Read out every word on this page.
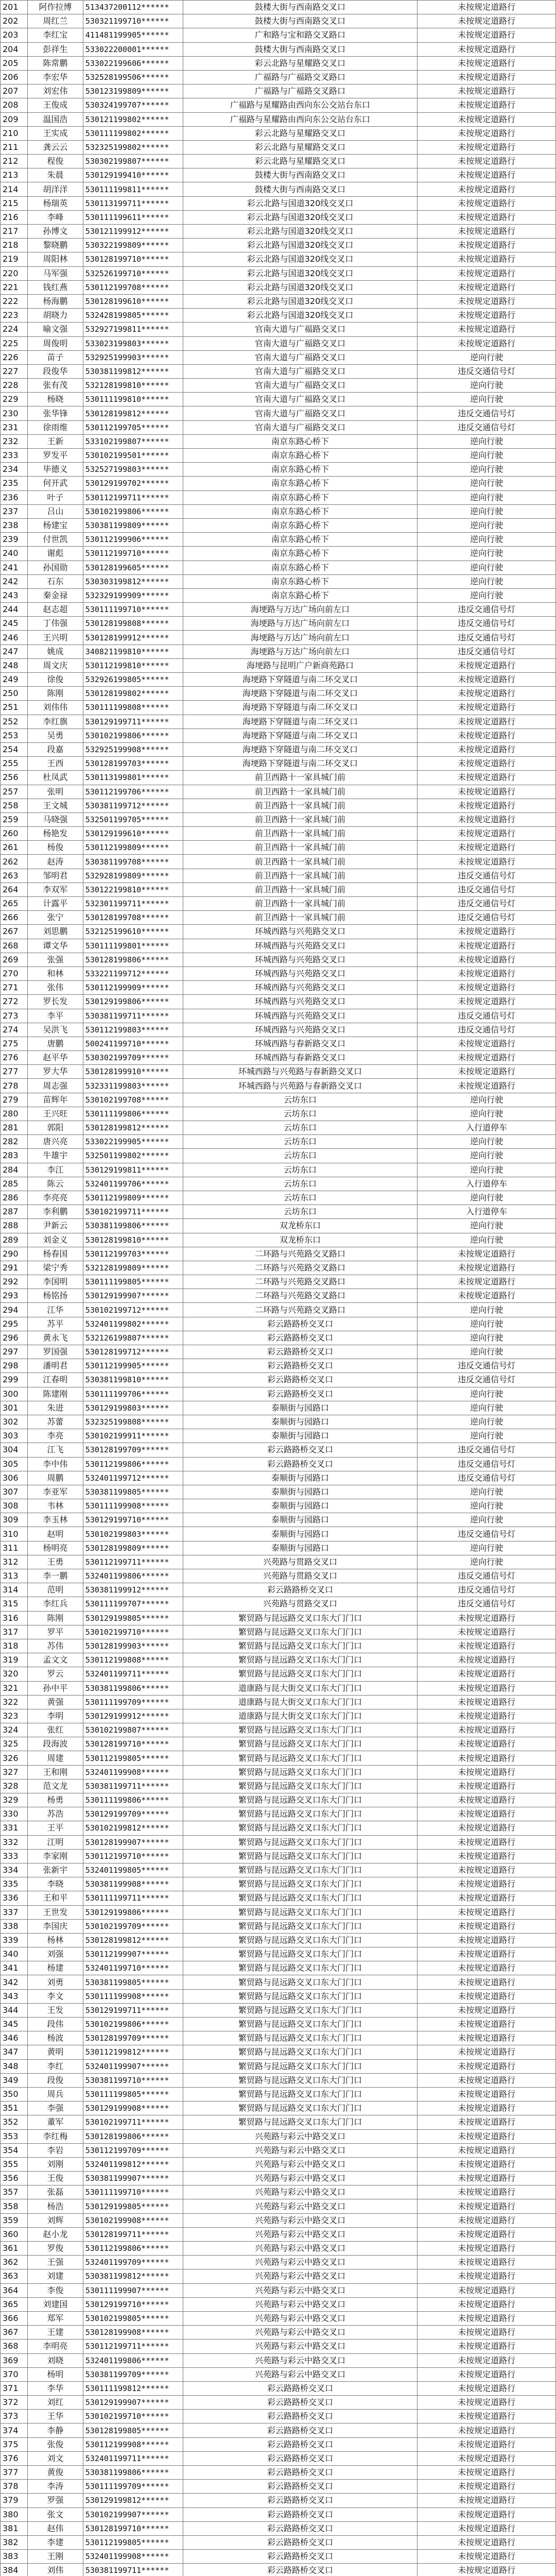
201	阿作拉博	513437200112******	鼓楼大街与西南路交叉口	未按规定道路行
202	周红兰	530321199710******	鼓楼大街与西南路交叉口	未按规定道路行
203	李红宝	411481199905******	广和路与宝和路交叉路口	未按规定道路行
204	彭祥生	533022200001******	鼓楼大街与西南路交叉口	未按规定道路行
205	陈常鹏	533022199606******	彩云北路与星耀路交叉口	未按规定道路行
206	李宏华	532528199506******	广福路与广福路交叉路口	未按规定道路行
207	刘宏伟	530123199809******	广福路与广福路交叉路口	未按规定道路行
208	王俊成	530324199707******	广福路与星耀路由西向东公交站台东口	未按规定道路行
209	温国浩	530121199802******	广福路与星耀路由西向东公交站台东口	未按规定道路行
210	王实成	530111199802******	彩云北路与星耀路交叉口	未按规定道路行
211	龚云云	532325199802******	彩云北路与星耀路交叉口	未按规定道路行
212	程俊	530302199807******	彩云北路与星耀路交叉口	未按规定道路行
213	朱晨	530129199410******	鼓楼大街与西南路交叉口	未按规定道路行
214	胡洋洋	530111199811******	鼓楼大街与西南路交叉口	未按规定道路行
215	杨瑞英	530113199711******	彩云北路与国道320线交叉口	未按规定道路行
216	李峰	530111199611******	彩云北路与国道320线交叉口	未按规定道路行
217	孙博文	530121199912******	彩云北路与国道320线交叉口	未按规定道路行
218	黎晓鹏	530322199809******	彩云北路与国道320线交叉口	未按规定道路行
219	周阳林	530128199710******	彩云北路与国道320线交叉口	未按规定道路行
220	马军强	532526199710******	彩云北路与国道320线交叉口	未按规定道路行
221	钱红燕	530112199708******	彩云北路与国道320线交叉口	未按规定道路行
222	杨海鹏	530128199610******	彩云北路与国道320线交叉口	未按规定道路行
223	胡晓力	532428199805******	彩云北路与国道320线交叉口	未按规定道路行
224	喻文强	532927199811******	官南大道与广福路交叉口	未按规定道路行
225	周俊明	533023199803******	官南大道与广福路交叉口	未按规定道路行
226	苗子	532925199903******	官南大道与广福路交叉口	逆向行驶
227	段俊华	530381199812******	官南大道与广福路交叉口	违反交通信号灯
228	张有茂	532128199810******	官南大道与广福路交叉口	逆向行驶
229	杨晓	530111199810******	官南大道与广福路交叉口	逆向行驶
230	张华锋	530128199812******	官南大道与广福路交叉口	违反交通信号灯
231	徐雨维	530112199705******	官南大道与广福路交叉口	违反交通信号灯
232	王新	533102199807******	南京东路心桥下	逆向行驶
233	罗发平	530102199501******	南京东路心桥下	逆向行驶
234	毕德义	532527199803******	南京东路心桥下	逆向行驶
235	何开武	530129199702******	南京东路心桥下	逆向行驶
236	叶子	530112199711******	南京东路心桥下	逆向行驶
237	吕山	530102199806******	南京东路心桥下	逆向行驶
238	杨建宝	530381199809******	南京东路心桥下	逆向行驶
239	付世凯	530112199906******	南京东路心桥下	逆向行驶
240	谢彪	530112199710******	南京东路心桥下	逆向行驶
241	孙国勋	530128199605******	南京东路心桥下	逆向行驶
242	石东	530303199812******	南京东路心桥下	逆向行驶
243	秦金禄	532329199909******	南京东路心桥下	逆向行驶
244	赵志超	530111199710******	海埂路与万达广场向前左口	违反交通信号灯
245	丁伟强	530128199808******	海埂路与万达广场向前左口	违反交通信号灯
246	王兴明	530128199912******	海埂路与万达广场向前左口	违反交通信号灯
247	姚成	340821199810******	海埂路与万达广场向前左口	违反交通信号灯
248	周文庆	530112199810******	海埂路与昆明广户新商苑路口	未按规定道路行
249	徐俊	532926199805******	海埂路下穿隧道与南二环交叉口	未按规定道路行
250	陈刚	530128199802******	海埂路下穿隧道与南二环交叉口	未按规定道路行
251	刘伟伟	530111199808******	海埂路下穿隧道与南二环交叉口	未按规定道路行
252	李红旗	530129199711******	海埂路下穿隧道与南二环交叉口	未按规定道路行
253	吴勇	530102199806******	海埂路下穿隧道与南二环交叉口	未按规定道路行
254	段嘉	532925199908******	海埂路下穿隧道与南二环交叉口	未按规定道路行
255	王西	530128199703******	海埂路下穿隧道与南二环交叉口	未按规定道路行
256	杜凤武	530113199801******	前卫西路十一家具城门前	未按规定道路行
257	张明	530112199706******	前卫西路十一家具城门前	未按规定道路行
258	王文城	530381199712******	前卫西路十一家具城门前	未按规定道路行
259	马晓强	532501199705******	前卫西路十一家具城门前	未按规定道路行
260	杨艳发	530129199610******	前卫西路十一家具城门前	未按规定道路行
261	杨俊	530112199809******	前卫西路十一家具城门前	未按规定道路行
262	赵涛	530381199708******	前卫西路十一家具城门前	未按规定道路行
263	邹明君	532928199809******	前卫西路十一家具城门前	违反交通信号灯
264	李双军	530122199810******	前卫西路十一家具城门前	违反交通信号灯
265	计露平	532301199711******	前卫西路十一家具城门前	违反交通信号灯
266	张宁	530128199708******	前卫西路十一家具城门前	违反交通信号灯
267	刘思鹏	532125199610******	环城西路与兴苑路交叉口	未按规定道路行
268	谭文华	530111199801******	环城西路与兴苑路交叉口	未按规定道路行
269	张强	530128199806******	环城西路与兴苑路交叉口	未按规定道路行
270	和林	533221199712******	环城西路与兴苑路交叉口	未按规定道路行
271	张伟	530112199909******	环城西路与兴苑路交叉口	未按规定道路行
272	罗长发	530129199806******	环城西路与兴苑路交叉口	未按规定道路行
273	李平	530381199711******	环城西路与兴苑路交叉口	违反交通信号灯
274	吴洪飞	530112199803******	环城西路与兴苑路交叉口	违反交通信号灯
275	唐鹏	500241199710******	环城西路与春新路交叉口	未按规定道路行
276	赵平华	530302199709******	环城西路与春新路交叉口	未按规定道路行
277	罗大华	530128199910******	环城西路与兴苑路与春新路交叉口	未按规定道路行
278	周志强	532331199803******	环城西路与兴苑路与春新路交叉口	未按规定道路行
279	苗辉年	530102199708******	云坊东口	逆向行驶
280	王兴旺	530111199806******	云坊东口	逆向行驶
281	郭阳	530128199812******	云坊东口	入行道停车
282	唐兴亮	533022199905******	云坊东口	逆向行驶
283	牛雄宇	532501199802******	云坊东口	逆向行驶
284	李江	530129199811******	云坊东口	逆向行驶
285	陈云	532401199706******	云坊东口	入行道停车
286	李亮亮	530112199809******	云坊东口	逆向行驶
287	李利鹏	530102199711******	云坊东口	入行道停车
288	尹新云	530381199806******	双龙桥东口	逆向行驶
289	刘金义	530128199810******	双龙桥东口	逆向行驶
290	杨春国	530112199703******	二环路与兴苑路交叉路口	未按规定道路行
291	梁宁秀	532128199809******	二环路与兴苑路交叉路口	未按规定道路行
292	李国明	530111199805******	二环路与兴苑路交叉路口	未按规定道路行
293	杨铭扬	530129199907******	二环路与兴苑路交叉路口	未按规定道路行
294	江华	530102199712******	二环路与兴苑路交叉路口	逆向行驶
295	苏平	532401199802******	彩云路路桥交叉口	逆向行驶
296	黄永飞	532126199807******	彩云路路桥交叉口	逆向行驶
297	罗国强	530128199712******	彩云路路桥交叉口	逆向行驶
298	潘明君	530112199905******	彩云路路桥交叉口	违反交通信号灯
299	江春明	530381199810******	彩云路路桥交叉口	违反交通信号灯
300	陈建刚	530111199706******	彩云路路桥交叉口	逆向行驶
301	朱进	530129199803******	泰顺街与园路口	逆向行驶
302	苏蕾	532325199808******	泰顺街与园路口	逆向行驶
303	李亮	530102199911******	泰顺街与园路口	逆向行驶
304	江飞	530128199709******	彩云路路桥交叉口	违反交通信号灯
305	李中伟	530112199806******	彩云路路桥交叉口	违反交通信号灯
306	周鹏	532401199712******	泰顺街与园路口	违反交通信号灯
307	李亚军	530381199805******	泰顺街与园路口	逆向行驶
308	韦林	530111199908******	泰顺街与园路口	逆向行驶
309	李玉林	530129199710******	泰顺街与园路口	逆向行驶
310	赵明	530102199803******	泰顺街与园路口	违反交通信号灯
311	杨明亮	530128199809******	泰顺街与园路口	逆向行驶
312	王勇	530112199711******	兴苑路与贯路交叉口	逆向行驶
313	李一鹏	532401199806******	兴苑路与贯路交叉口	违反交通信号灯
314	范明	530381199912******	彩云路路桥交叉口	违反交通信号灯
315	李红兵	530111199707******	兴苑路与贯路交叉口	违反交通信号灯
316	陈刚	530129199805******	繁贸路与昆远路交叉口东大门门口	未按规定道路行
317	罗平	530102199710******	繁贸路与昆远路交叉口东大门门口	未按规定道路行
318	苏伟	530128199903******	繁贸路与昆远路交叉口东大门门口	未按规定道路行
319	孟文文	530112199808******	繁贸路与昆远路交叉口东大门门口	未按规定道路行
320	罗云	532401199711******	繁贸路与昆远路交叉口东大门门口	未按规定道路行
321	孙中平	530381199806******	道康路与昆大街交叉口东大门门口	未按规定道路行
322	黄强	530111199709******	道康路与昆大街交叉口东大门门口	未按规定道路行
323	李明	530129199912******	道康路与昆大街交叉口东大门门口	未按规定道路行
324	张红	530102199807******	繁贸路与昆远路交叉口东大门门口	未按规定道路行
325	段海波	530128199710******	繁贸路与昆远路交叉口东大门门口	未按规定道路行
326	周建	530112199805******	繁贸路与昆远路交叉口东大门门口	未按规定道路行
327	王和刚	532401199908******	繁贸路与昆远路交叉口东大门门口	未按规定道路行
328	范文龙	530381199711******	繁贸路与昆远路交叉口东大门门口	未按规定道路行
329	杨勇	530111199806******	繁贸路与昆远路交叉口东大门门口	未按规定道路行
330	苏浩	530129199709******	繁贸路与昆远路交叉口东大门门口	未按规定道路行
331	王平	530102199812******	繁贸路与昆远路交叉口东大门门口	未按规定道路行
332	江明	530128199907******	繁贸路与昆远路交叉口东大门门口	未按规定道路行
333	李家刚	530112199710******	繁贸路与昆远路交叉口东大门门口	未按规定道路行
334	张新宇	532401199805******	繁贸路与昆远路交叉口东大门门口	未按规定道路行
335	李晓	530381199908******	繁贸路与昆远路交叉口东大门门口	未按规定道路行
336	王和平	530111199711******	繁贸路与昆远路交叉口东大门门口	未按规定道路行
337	王世发	530129199806******	繁贸路与昆远路交叉口东大门门口	未按规定道路行
338	李国庆	530102199709******	繁贸路与昆远路交叉口东大门门口	未按规定道路行
339	杨林	530128199812******	繁贸路与昆远路交叉口东大门门口	未按规定道路行
340	刘强	530112199907******	繁贸路与昆远路交叉口东大门门口	未按规定道路行
341	杨建	532401199710******	繁贸路与昆远路交叉口东大门门口	未按规定道路行
342	刘勇	530381199805******	繁贸路与昆远路交叉口东大门门口	未按规定道路行
343	李文	530111199908******	繁贸路与昆远路交叉口东大门门口	未按规定道路行
344	王发	530129199711******	繁贸路与昆远路交叉口东大门门口	未按规定道路行
345	段伟	530102199806******	繁贸路与昆远路交叉口东大门门口	未按规定道路行
346	杨波	530128199709******	繁贸路与昆远路交叉口东大门门口	未按规定道路行
347	黄明	530112199812******	繁贸路与昆远路交叉口东大门门口	未按规定道路行
348	李红	532401199907******	繁贸路与昆远路交叉口东大门门口	未按规定道路行
349	段俊	530381199710******	繁贸路与昆远路交叉口东大门门口	未按规定道路行
350	周兵	530111199805******	繁贸路与昆远路交叉口东大门门口	未按规定道路行
351	李强	530129199908******	繁贸路与昆远路交叉口东大门门口	未按规定道路行
352	董军	530102199711******	繁贸路与昆远路交叉口东大门门口	未按规定道路行
353	李红梅	530128199806******	兴苑路与彩云中路交叉口	未按规定道路行
354	李岩	530112199709******	兴苑路与彩云中路交叉口	未按规定道路行
355	刘刚	532401199812******	兴苑路与彩云中路交叉口	未按规定道路行
356	王俊	530381199907******	兴苑路与彩云中路交叉口	未按规定道路行
357	张磊	530111199710******	兴苑路与彩云中路交叉口	未按规定道路行
358	杨浩	530129199805******	兴苑路与彩云中路交叉口	未按规定道路行
359	刘辉	530102199908******	兴苑路与彩云中路交叉口	未按规定道路行
360	赵小龙	530128199711******	兴苑路与彩云中路交叉口	未按规定道路行
361	罗俊	530112199806******	兴苑路与彩云中路交叉口	未按规定道路行
362	王强	532401199709******	兴苑路与彩云中路交叉口	未按规定道路行
363	刘建	530381199812******	兴苑路与彩云中路交叉口	未按规定道路行
364	李俊	530111199907******	兴苑路与彩云中路交叉口	未按规定道路行
365	刘建国	530129199710******	兴苑路与彩云中路交叉口	未按规定道路行
366	郑军	530102199805******	兴苑路与彩云中路交叉口	未按规定道路行
367	王建	530128199908******	兴苑路与彩云中路交叉口	未按规定道路行
368	李明亮	530112199711******	兴苑路与彩云中路交叉口	未按规定道路行
369	刘晓	532401199806******	兴苑路与彩云中路交叉口	未按规定道路行
370	杨明	530381199709******	兴苑路与彩云中路交叉口	未按规定道路行
371	李华	530111199812******	彩云路路桥交叉口	未按规定道路行
372	刘红	530129199907******	彩云路路桥交叉口	未按规定道路行
373	王华	530102199710******	彩云路路桥交叉口	未按规定道路行
374	李静	530128199805******	彩云路路桥交叉口	未按规定道路行
375	张俊	530112199908******	彩云路路桥交叉口	未按规定道路行
376	刘文	532401199711******	彩云路路桥交叉口	未按规定道路行
377	黄俊	530381199806******	彩云路路桥交叉口	未按规定道路行
378	李涛	530111199709******	彩云路路桥交叉口	未按规定道路行
379	罗强	530129199812******	彩云路路桥交叉口	未按规定道路行
380	张文	530102199907******	彩云路路桥交叉口	未按规定道路行
381	赵伟	530128199710******	彩云路路桥交叉口	未按规定道路行
382	李建	530112199805******	彩云路路桥交叉口	未按规定道路行
383	王刚	532401199908******	彩云路路桥交叉口	未按规定道路行
384	刘伟	530381199711******	彩云路路桥交叉口	未按规定道路行
